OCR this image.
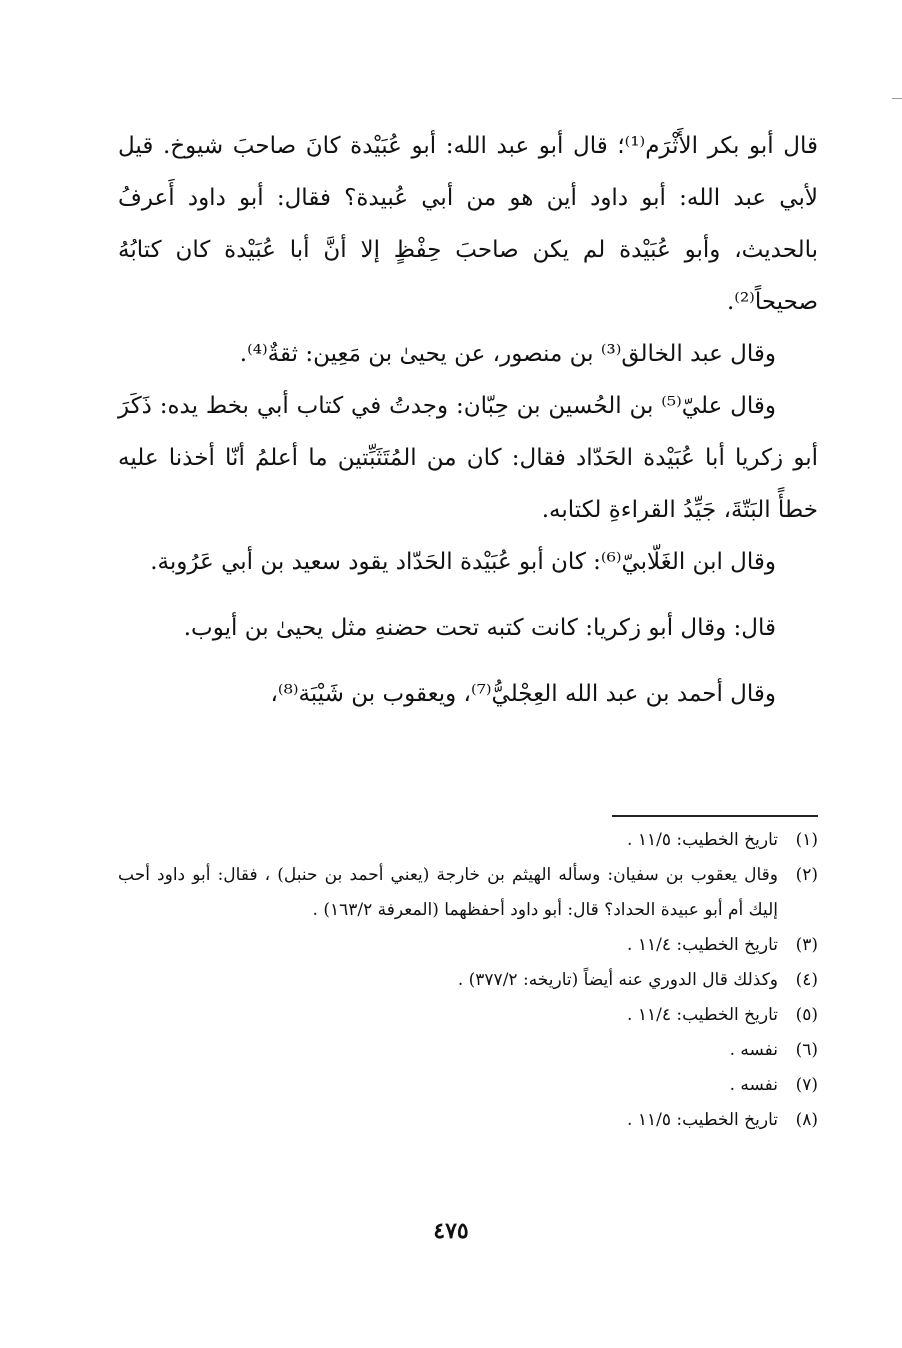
قال أبو بكر الأَثْرَم⁽¹⁾؛ قال أبو عبد الله: أبو عُبَيْدة كانَ صاحبَ شيوخ. قيل لأبي عبد الله: أبو داود أين هو من أبي عُبيدة؟ فقال: أبو داود أَعرفُ بالحديث، وأبو عُبَيْدة لم يكن صاحبَ حِفْظٍ إلا أنَّ أبا عُبَيْدة كان كتابُهُ صحيحاً⁽²⁾.

وقال عبد الخالق⁽³⁾ بن منصور، عن يحيىٰ بن مَعِين: ثقةٌ⁽⁴⁾.

وقال عليّ⁽⁵⁾ بن الحُسين بن حِبّان: وجدتُ في كتاب أبي بخط يده: ذَكَرَ أبو زكريا أبا عُبَيْدة الحَدّاد فقال: كان من المُتَثَبِّتين ما أعلمُ أنّا أخذنا عليه خطأً البَتّةَ، جَيِّدُ القراءةِ لكتابه.

وقال ابن الغَلّابيّ⁽⁶⁾: كان أبو عُبَيْدة الحَدّاد يقود سعيد بن أبي عَرُوبة.

قال: وقال أبو زكريا: كانت كتبه تحت حضنهِ مثل يحيىٰ بن أيوب.

وقال أحمد بن عبد الله العِجْليُّ⁽⁷⁾، ويعقوب بن شَيْبَة⁽⁸⁾،

(١)
تاريخ الخطيب: ١١/٥ .
(٢)
وقال يعقوب بن سفيان: وسأله الهيثم بن خارجة (يعني أحمد بن حنبل) ، فقال: أبو داود أحب إليك أم أبو عبيدة الحداد؟ قال: أبو داود أحفظهما (المعرفة ١٦٣/٢) .
(٣)
تاريخ الخطيب: ١١/٤ .
(٤)
وكذلك قال الدوري عنه أيضاً (تاريخه: ٣٧٧/٢) .
(٥)
تاريخ الخطيب: ١١/٤ .
(٦)
نفسه .
(٧)
نفسه .
(٨)
تاريخ الخطيب: ١١/٥ .
٤٧٥
